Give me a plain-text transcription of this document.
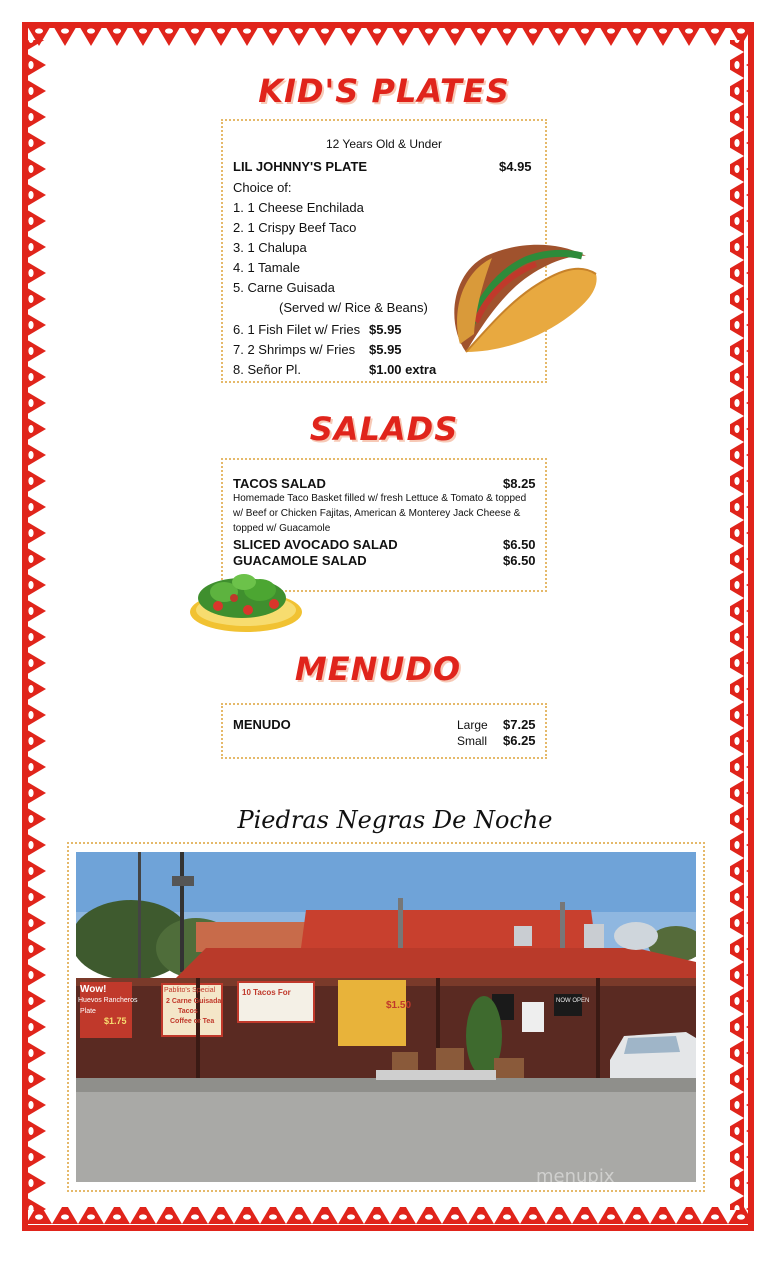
KID'S PLATES
12 Years Old & Under
LIL JOHNNY'S PLATE	$4.95
Choice of:
1. 1 Cheese Enchilada
2. 1 Crispy Beef Taco
3. 1 Chalupa
4. 1 Tamale
5. Carne Guisada
(Served w/ Rice & Beans)
6. 1 Fish Filet w/ Fries $5.95
7. 2 Shrimps w/ Fries $5.95
8. Señor Pl.	$1.00 extra
SALADS
TACOS SALAD	$8.25
Homemade Taco Basket filled w/ fresh Lettuce & Tomato & topped
w/ Beef or Chicken Fajitas, American & Monterey Jack Cheese &
topped w/ Guacamole
SLICED AVOCADO SALAD	$6.50
GUACAMOLE SALAD	$6.50
MENUDO
MENUDO	Large $7.25
Small $6.25
Piedras Negras De Noche
Wow!
Huevos Rancheros
Plate
$1.75
Pablito's Special
2 Carne Guisada
Tacos
Coffee or Tea
10 Tacos For
$1.50	NOW OPEN
menupix
